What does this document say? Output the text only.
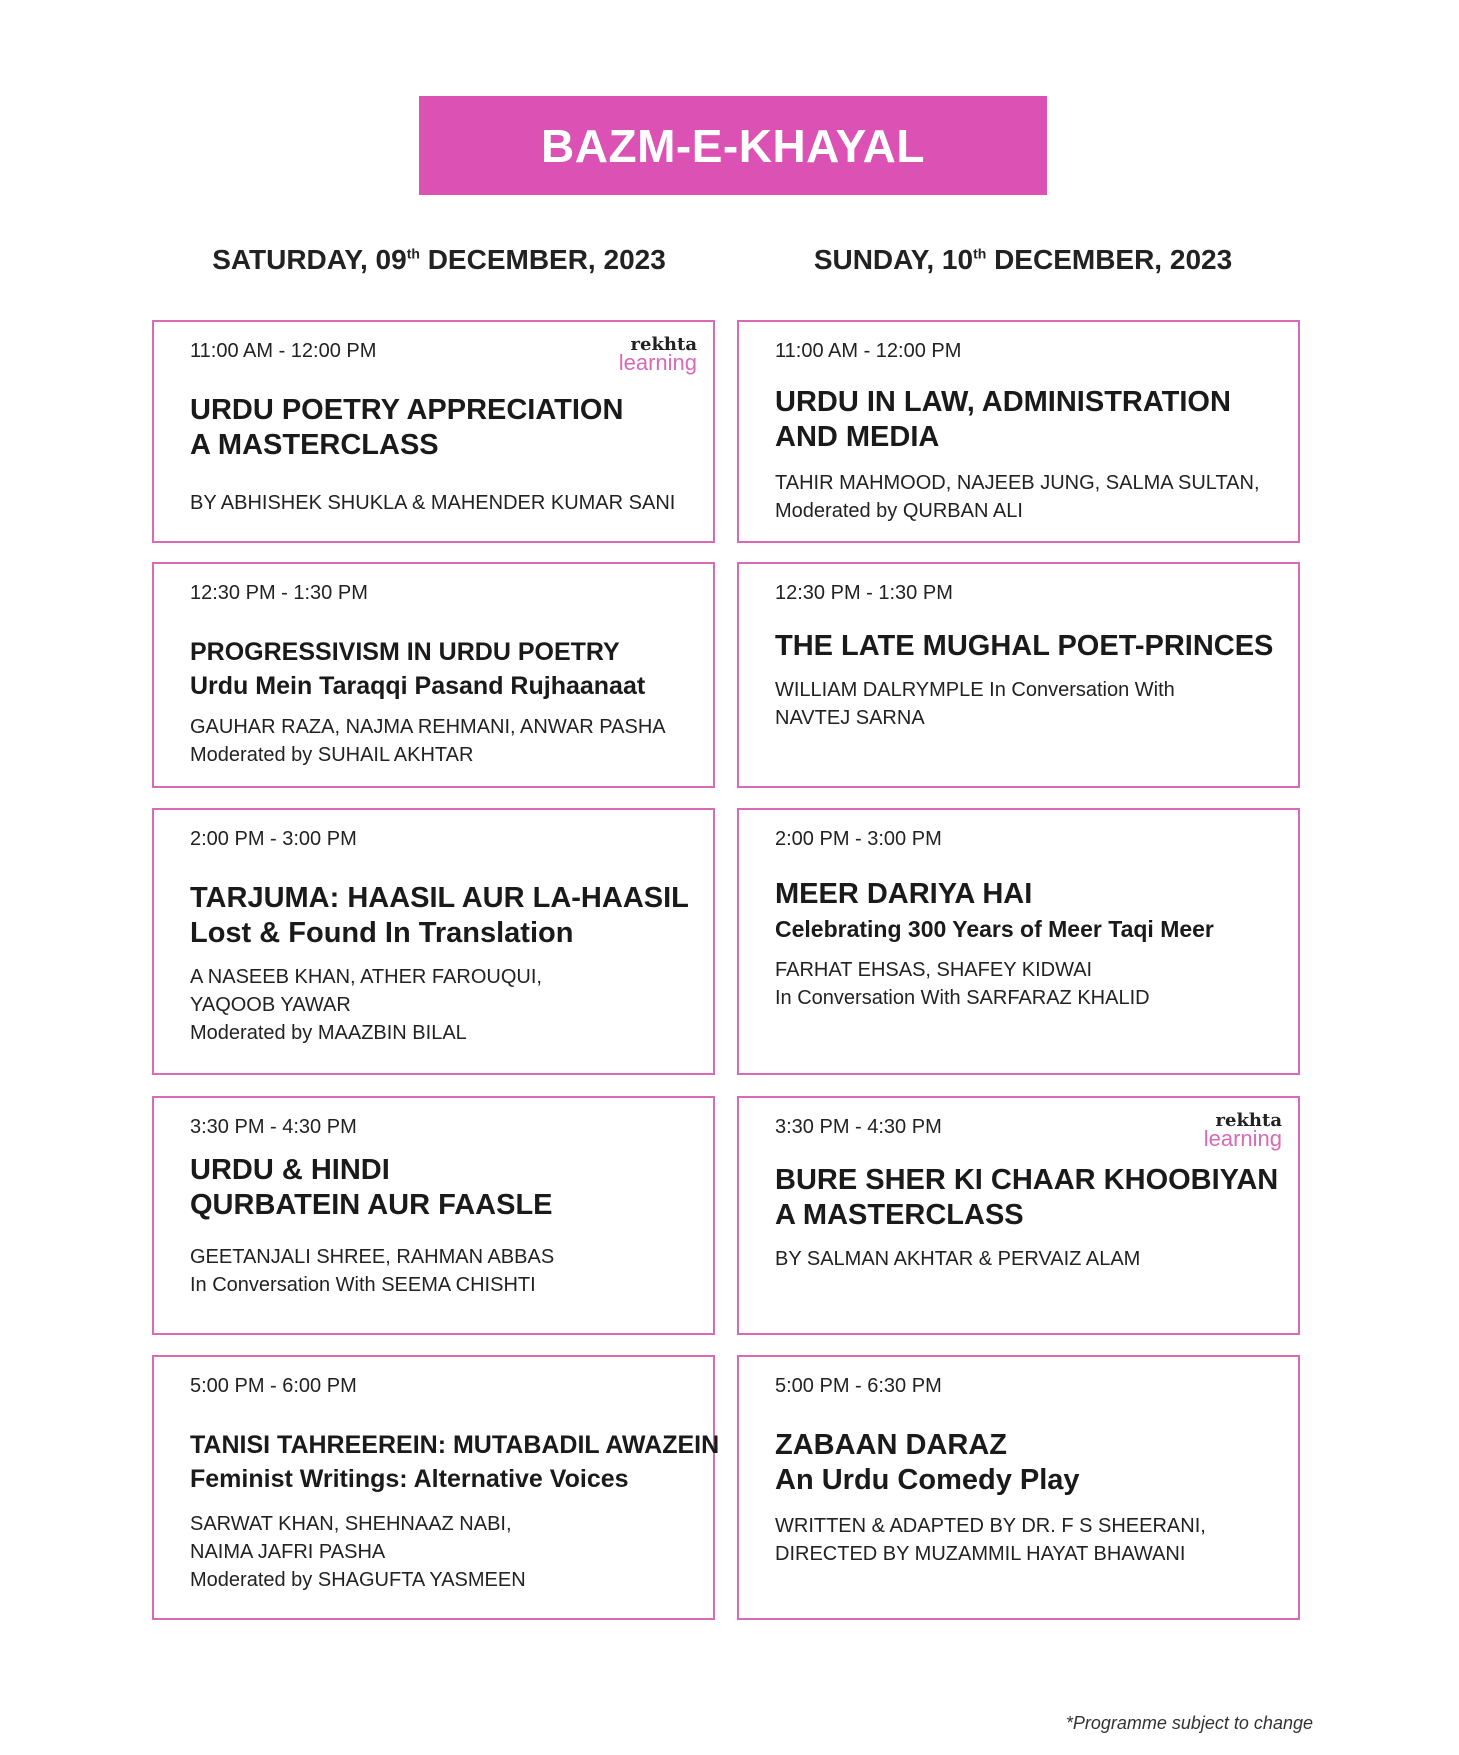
BAZM-E-KHAYAL
SATURDAY, 09th DECEMBER, 2023	SUNDAY, 10th DECEMBER, 2023
rekhta
learning
11:00 AM - 12:00 PM
URDU POETRY APPRECIATION
A MASTERCLASS
BY ABHISHEK SHUKLA & MAHENDER KUMAR SANI
12:30 PM - 1:30 PM
PROGRESSIVISM IN URDU POETRY
Urdu Mein Taraqqi Pasand Rujhaanaat
GAUHAR RAZA, NAJMA REHMANI, ANWAR PASHA
Moderated by SUHAIL AKHTAR
2:00 PM - 3:00 PM
TARJUMA: HAASIL AUR LA-HAASIL
Lost & Found In Translation
A NASEEB KHAN, ATHER FAROUQUI,
YAQOOB YAWAR
Moderated by MAAZBIN BILAL
3:30 PM - 4:30 PM
URDU & HINDI
QURBATEIN AUR FAASLE
GEETANJALI SHREE, RAHMAN ABBAS
In Conversation With SEEMA CHISHTI
5:00 PM - 6:00 PM
TANISI TAHREEREIN: MUTABADIL AWAZEIN
Feminist Writings: Alternative Voices
SARWAT KHAN, SHEHNAAZ NABI,
NAIMA JAFRI PASHA
Moderated by SHAGUFTA YASMEEN
11:00 AM - 12:00 PM
URDU IN LAW, ADMINISTRATION
AND MEDIA
TAHIR MAHMOOD, NAJEEB JUNG, SALMA SULTAN,
Moderated by QURBAN ALI
12:30 PM - 1:30 PM
THE LATE MUGHAL POET-PRINCES
WILLIAM DALRYMPLE In Conversation With
NAVTEJ SARNA
2:00 PM - 3:00 PM
MEER DARIYA HAI
Celebrating 300 Years of Meer Taqi Meer
FARHAT EHSAS, SHAFEY KIDWAI
In Conversation With SARFARAZ KHALID
rekhta
learning
3:30 PM - 4:30 PM
BURE SHER KI CHAAR KHOOBIYAN
A MASTERCLASS
BY SALMAN AKHTAR & PERVAIZ ALAM
5:00 PM - 6:30 PM
ZABAAN DARAZ
An Urdu Comedy Play
WRITTEN & ADAPTED BY DR. F S SHEERANI,
DIRECTED BY MUZAMMIL HAYAT BHAWANI
*Programme subject to change
